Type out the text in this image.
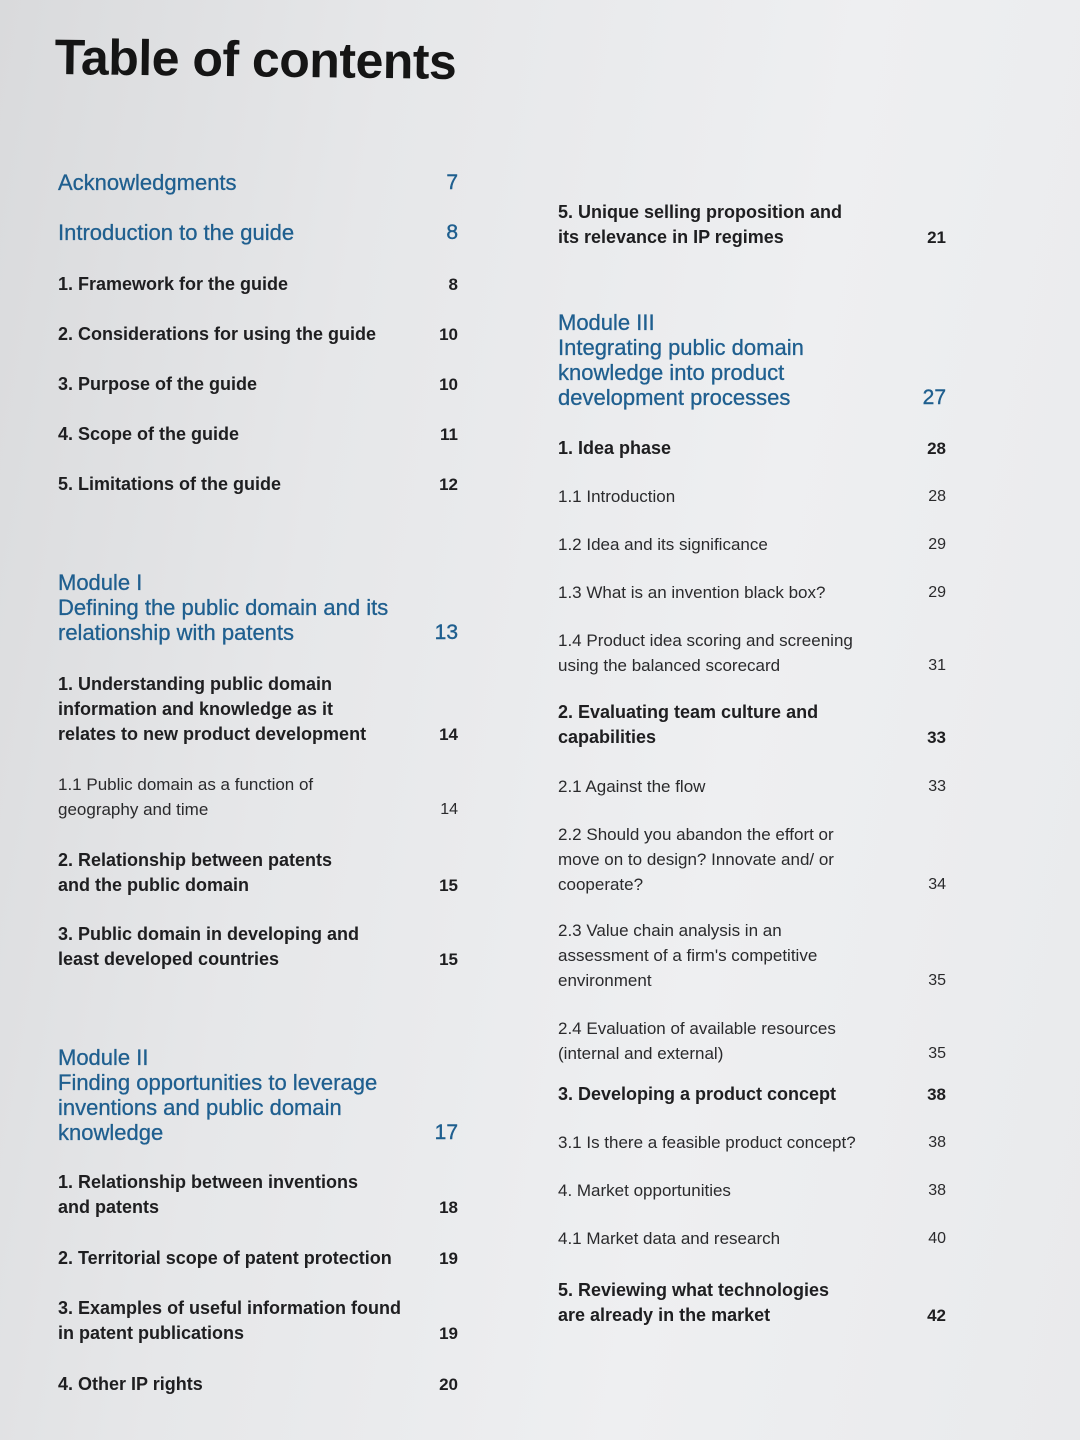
Table of contents
Acknowledgments	7
Introduction to the guide	8
1. Framework for the guide	8
2. Considerations for using the guide	10
3. Purpose of the guide	10
4. Scope of the guide	11
5. Limitations of the guide	12
Module I
Defining the public domain and its relationship with patents	13
1. Understanding public domain information and knowledge as it relates to new product development	14
1.1 Public domain as a function of geography and time	14
2. Relationship between patents and the public domain	15
3. Public domain in developing and least developed countries	15
Module II
Finding opportunities to leverage inventions and public domain knowledge	17
1. Relationship between inventions and patents	18
2. Territorial scope of patent protection	19
3. Examples of useful information found in patent publications	19
4. Other IP rights	20
5. Unique selling proposition and its relevance in IP regimes	21
Module III
Integrating public domain knowledge into product development processes	27
1. Idea phase	28
1.1 Introduction	28
1.2 Idea and its significance	29
1.3 What is an invention black box?	29
1.4 Product idea scoring and screening using the balanced scorecard	31
2. Evaluating team culture and capabilities	33
2.1 Against the flow	33
2.2 Should you abandon the effort or move on to design? Innovate and/ or cooperate?	34
2.3 Value chain analysis in an assessment of a firm's competitive environment	35
2.4 Evaluation of available resources (internal and external)	35
3. Developing a product concept	38
3.1 Is there a feasible product concept?	38
4. Market opportunities	38
4.1 Market data and research	40
5. Reviewing what technologies are already in the market	42
